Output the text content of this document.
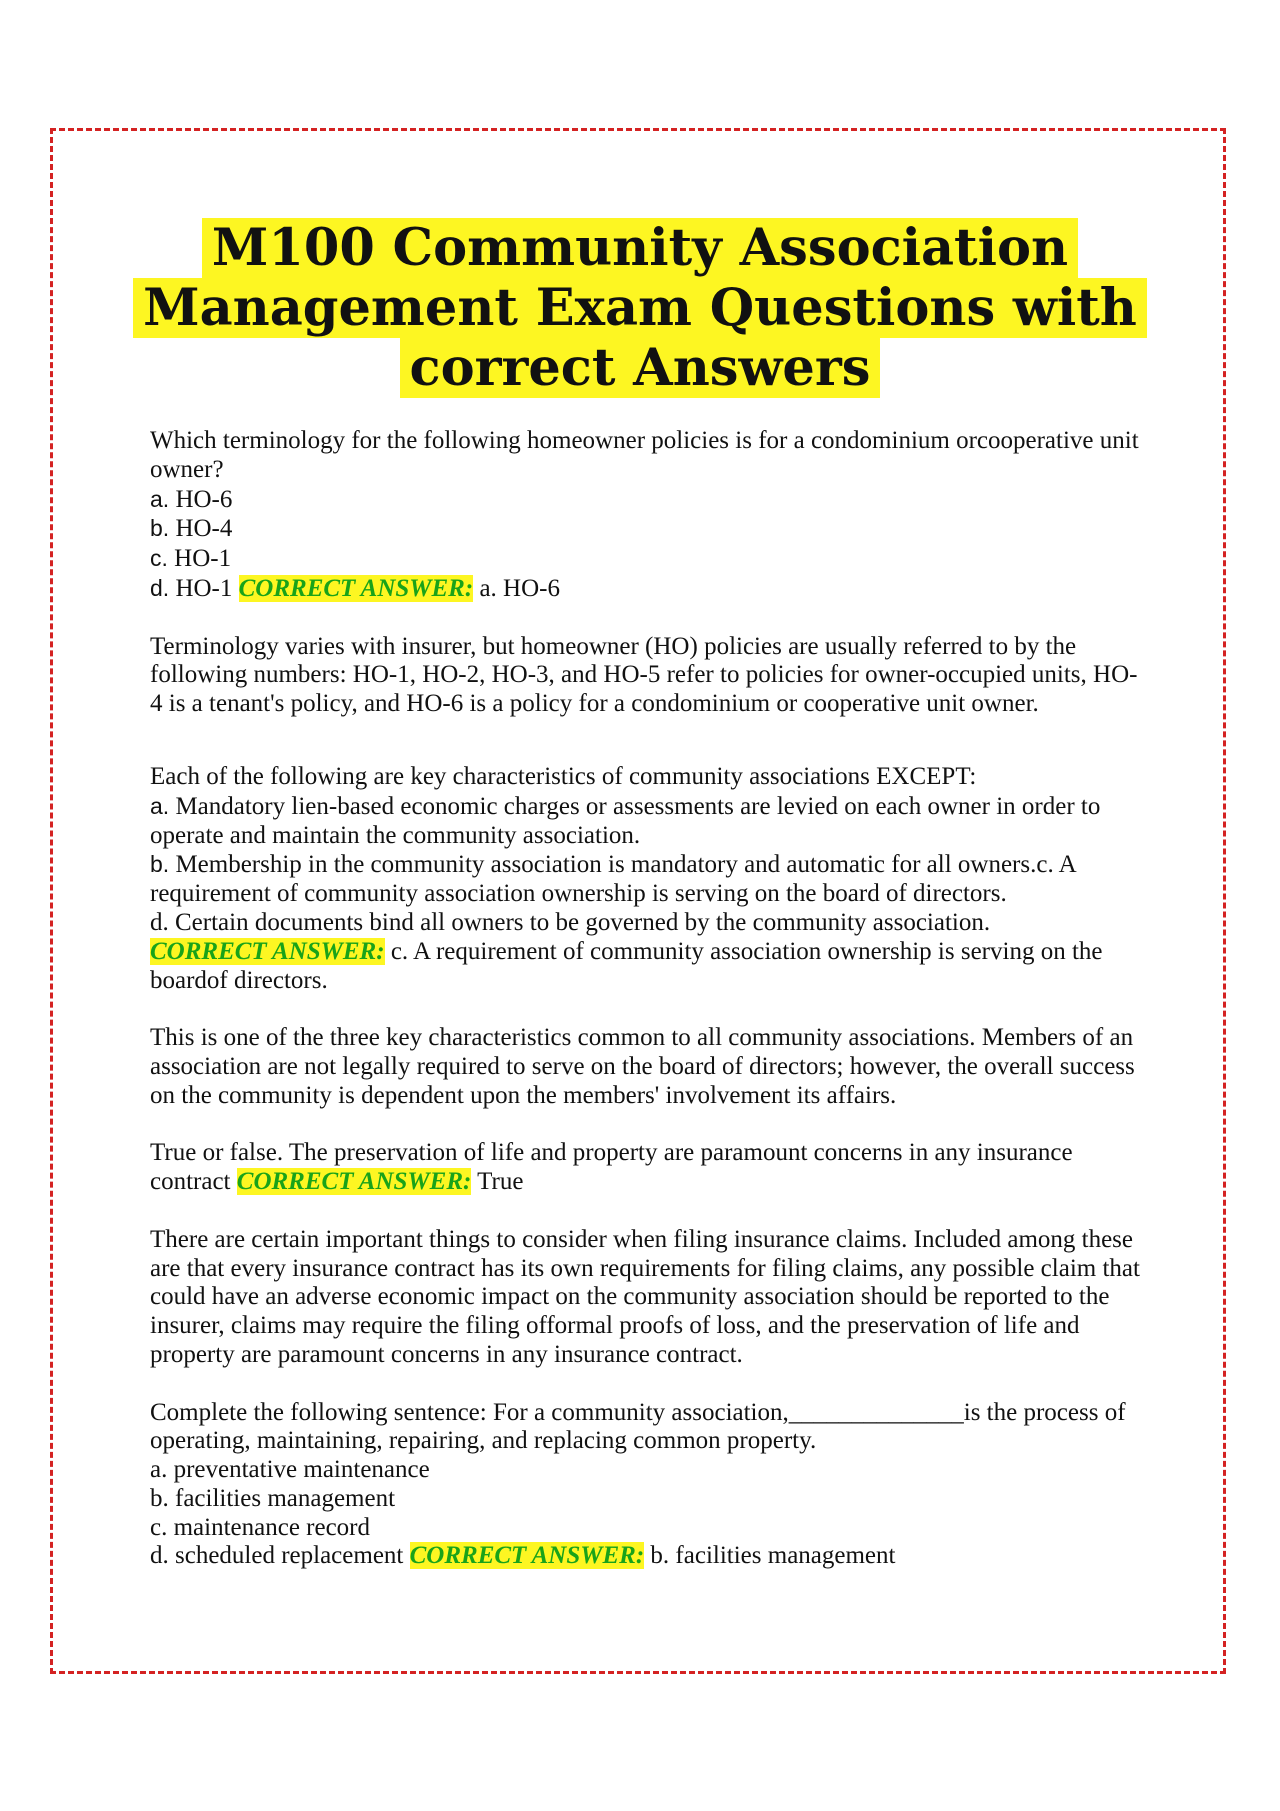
M100 Community Association
Management Exam Questions with
correct Answers

Which terminology for the following homeowner policies is for a condominium orcooperative unit owner?

a. HO-6

b. HO-4

c. HO-1

d. HO-1 CORRECT ANSWER: a. HO-6

Terminology varies with insurer, but homeowner (HO) policies are usually referred to by the following numbers: HO-1, HO-2, HO-3, and HO-5 refer to policies for owner-occupied units, HO-4 is a tenant's policy, and HO-6 is a policy for a condominium or cooperative unit owner.

Each of the following are key characteristics of community associations EXCEPT:

a. Mandatory lien-based economic charges or assessments are levied on each owner in order to operate and maintain the community association.

b. Membership in the community association is mandatory and automatic for all owners.c. A requirement of community association ownership is serving on the board of directors.

d. Certain documents bind all owners to be governed by the community association.

CORRECT ANSWER: c. A requirement of community association ownership is serving on the boardof directors.

This is one of the three key characteristics common to all community associations. Members of an association are not legally required to serve on the board of directors; however, the overall success on the community is dependent upon the members' involvement its affairs.

True or false. The preservation of life and property are paramount concerns in any insurance contract CORRECT ANSWER: True

There are certain important things to consider when filing insurance claims. Included among these are that every insurance contract has its own requirements for filing claims, any possible claim that could have an adverse economic impact on the community association should be reported to the insurer, claims may require the filing offormal proofs of loss, and the preservation of life and property are paramount concerns in any insurance contract.

Complete the following sentence: For a community association,______________is the process of operating, maintaining, repairing, and replacing common property.

a. preventative maintenance

b. facilities management

c. maintenance record

d. scheduled replacement CORRECT ANSWER: b. facilities management
